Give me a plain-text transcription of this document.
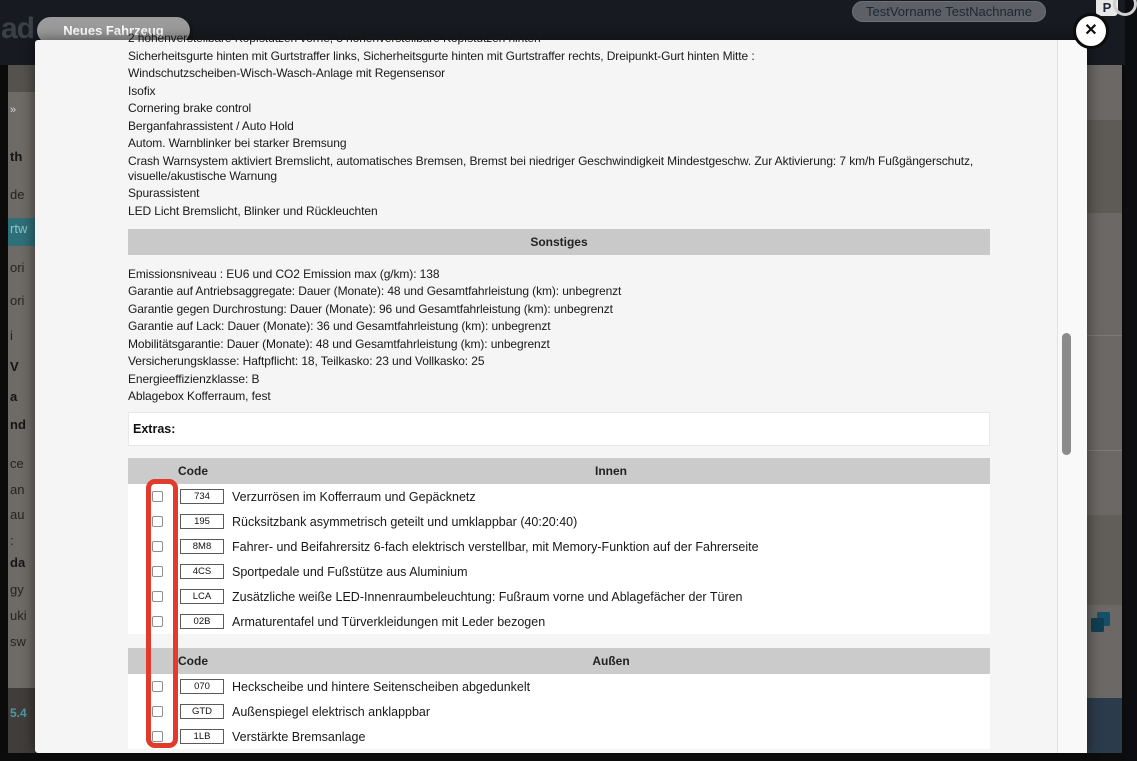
ad	Neues Fahrzeug
TestVorname TestNachname	P
»
th
de
rtw
ori
ori
i
V
a
nd
ce
an
au
:
da
gy
uki
sw
5.4

2 höhenverstellbare Kopfstützen vorne, 3 höhenverstellbare Kopfstützen hinten

Sicherheitsgurte hinten mit Gurtstraffer links, Sicherheitsgurte hinten mit Gurtstraffer rechts, Dreipunkt-Gurt hinten Mitte :

Windschutzscheiben-Wisch-Wasch-Anlage mit Regensensor

Isofix

Cornering brake control

Berganfahrassistent / Auto Hold

Autom. Warnblinker bei starker Bremsung

Crash Warnsystem aktiviert Bremslicht, automatisches Bremsen, Bremst bei niedriger Geschwindigkeit Mindestgeschw. Zur Aktivierung: 7 km/h Fußgängerschutz, visuelle/akustische Warnung

Spurassistent

LED Licht Bremslicht, Blinker und Rückleuchten

Sonstiges

Emissionsniveau : EU6 und CO2 Emission max (g/km): 138

Garantie auf Antriebsaggregate: Dauer (Monate): 48 und Gesamtfahrleistung (km): unbegrenzt

Garantie gegen Durchrostung: Dauer (Monate): 96 und Gesamtfahrleistung (km): unbegrenzt

Garantie auf Lack: Dauer (Monate): 36 und Gesamtfahrleistung (km): unbegrenzt

Mobilitätsgarantie: Dauer (Monate): 48 und Gesamtfahrleistung (km): unbegrenzt

Versicherungsklasse: Haftpflicht: 18, Teilkasko: 23 und Vollkasko: 25

Energieeffizienzklasse: B

Ablagebox Kofferraum, fest

Extras:
Code	Innen
734	Verzurrösen im Kofferraum und Gepäcknetz
195	Rücksitzbank asymmetrisch geteilt und umklappbar (40:20:40)
8M8	Fahrer- und Beifahrersitz 6-fach elektrisch verstellbar, mit Memory-Funktion auf der Fahrerseite
4CS	Sportpedale und Fußstütze aus Aluminium
LCA	Zusätzliche weiße LED-Innenraumbeleuchtung: Fußraum vorne und Ablagefächer der Türen
02B	Armaturentafel und Türverkleidungen mit Leder bezogen
Code	Außen
070	Heckscheibe und hintere Seitenscheiben abgedunkelt
GTD	Außenspiegel elektrisch anklappbar
1LB	Verstärkte Bremsanlage
✕
